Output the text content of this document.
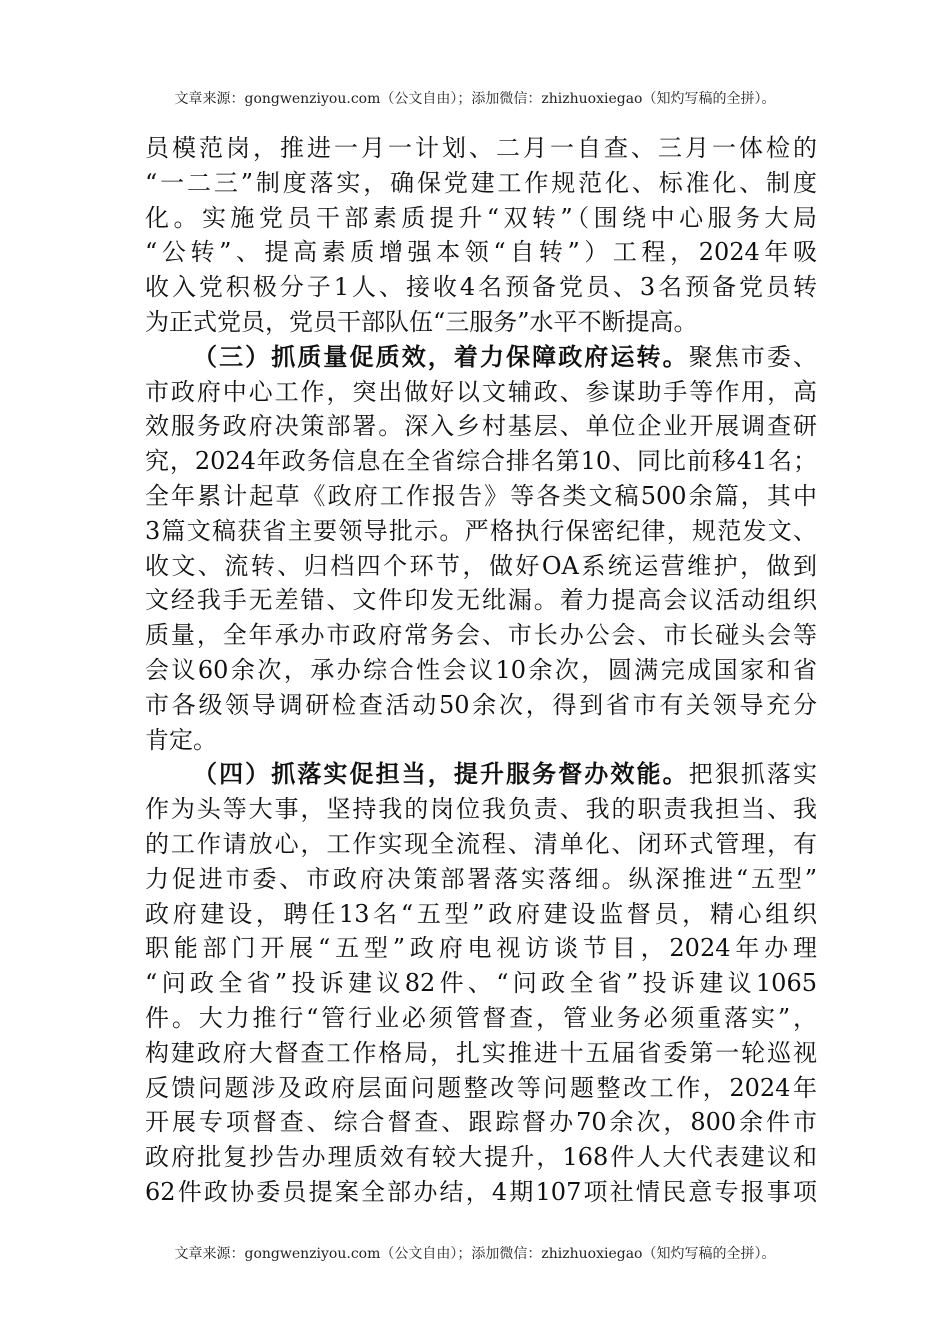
文章来源：gongwenziyou.com（公文自由）；添加微信：zhizhuoxiegao（知灼写稿的全拼）。
员模范岗，推进一月一计划、二月一自查、三月一体检的
“一二三”制度落实，确保党建工作规范化、标准化、制度
化。实施党员干部素质提升“双转”（围绕中心服务大局
“公转”、提高素质增强本领“自转”）工程，2024年吸
收入党积极分子1人、接收4名预备党员、3名预备党员转
为正式党员，党员干部队伍“三服务”水平不断提高。
（三）抓质量促质效，着力保障政府运转。聚焦市委、
市政府中心工作，突出做好以文辅政、参谋助手等作用，高
效服务政府决策部署。深入乡村基层、单位企业开展调查研
究，2024年政务信息在全省综合排名第10、同比前移41名；
全年累计起草《政府工作报告》等各类文稿500余篇，其中
3篇文稿获省主要领导批示。严格执行保密纪律，规范发文、
收文、流转、归档四个环节，做好OA系统运营维护，做到
文经我手无差错、文件印发无纰漏。着力提高会议活动组织
质量，全年承办市政府常务会、市长办公会、市长碰头会等
会议60余次，承办综合性会议10余次，圆满完成国家和省
市各级领导调研检查活动50余次，得到省市有关领导充分
肯定。
（四）抓落实促担当，提升服务督办效能。把狠抓落实
作为头等大事，坚持我的岗位我负责、我的职责我担当、我
的工作请放心，工作实现全流程、清单化、闭环式管理，有
力促进市委、市政府决策部署落实落细。纵深推进“五型”
政府建设，聘任13名“五型”政府建设监督员，精心组织
职能部门开展“五型”政府电视访谈节目，2024年办理
“问政全省”投诉建议82件、“问政全省”投诉建议1065
件。大力推行“管行业必须管督查，管业务必须重落实”，
构建政府大督查工作格局，扎实推进十五届省委第一轮巡视
反馈问题涉及政府层面问题整改等问题整改工作，2024年
开展专项督查、综合督查、跟踪督办70余次，800余件市
政府批复抄告办理质效有较大提升，168件人大代表建议和
62件政协委员提案全部办结，4期107项社情民意专报事项
文章来源：gongwenziyou.com（公文自由）；添加微信：zhizhuoxiegao（知灼写稿的全拼）。
